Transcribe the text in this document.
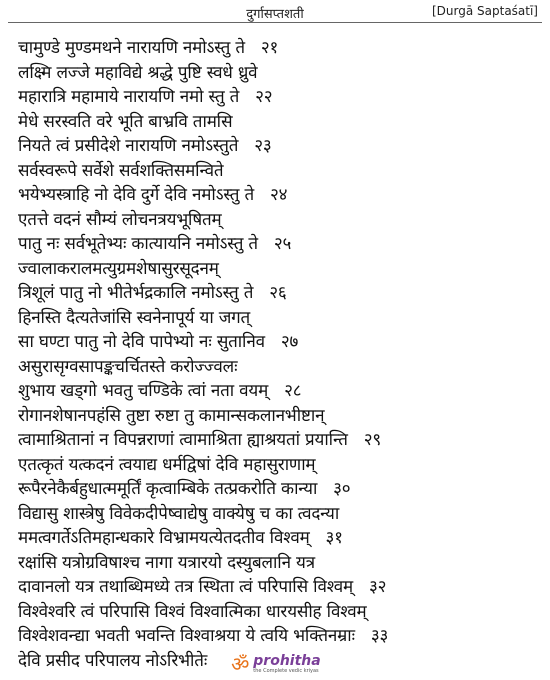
दुर्गासप्तशती	[Durgā Saptaśatī]
चामुण्डे मुण्डमथने नारायणि नमोऽस्तु ते २१
लक्ष्मि लज्जे महाविद्ये श्रद्धे पुष्टि स्वधे ध्रुवे
महारात्रि महामाये नारायणि नमो स्तु ते २२
मेधे सरस्वति वरे भूति बाभ्रवि तामसि
नियते त्वं प्रसीदेशे नारायणि नमोऽस्तुते २३
सर्वस्वरूपे सर्वेशे सर्वशक्तिसमन्विते
भयेभ्यस्त्राहि नो देवि दुर्गे देवि नमोऽस्तु ते २४
एतत्ते वदनं सौम्यं लोचनत्रयभूषितम्
पातु नः सर्वभूतेभ्यः कात्यायनि नमोऽस्तु ते २५
ज्वालाकरालमत्युग्रमशेषासुरसूदनम्
त्रिशूलं पातु नो भीतेर्भद्रकालि नमोऽस्तु ते २६
हिनस्ति दैत्यतेजांसि स्वनेनापूर्य या जगत्
सा घण्टा पातु नो देवि पापेभ्यो नः सुतानिव २७
असुरासृग्वसापङ्कचर्चितस्ते करोज्ज्वलः
शुभाय खड्गो भवतु चण्डिके त्वां नता वयम् २८
रोगानशेषानपहंसि तुष्टा रुष्टा तु कामान्सकलानभीष्टान्
त्वामाश्रितानां न विपन्नराणां त्वामाश्रिता ह्याश्रयतां प्रयान्ति २९
एतत्कृतं यत्कदनं त्वयाद्य धर्मद्विषां देवि महासुराणाम्
रूपैरनेकैर्बहुधात्ममूर्तिं कृत्वाम्बिके तत्प्रकरोति कान्या ३०
विद्यासु शास्त्रेषु विवेकदीपेष्वाद्येषु वाक्येषु च का त्वदन्या
ममत्वगर्तेऽतिमहान्धकारे विभ्रामयत्येतदतीव विश्वम् ३१
रक्षांसि यत्रोग्रविषाश्च नागा यत्रारयो दस्युबलानि यत्र
दावानलो यत्र तथाब्धिमध्ये तत्र स्थिता त्वं परिपासि विश्वम् ३२
विश्वेश्वरि त्वं परिपासि विश्वं विश्वात्मिका धारयसीह विश्वम्
विश्वेशवन्द्या भवती भवन्ति विश्वाश्रया ये त्वयि भक्तिनम्राः ३३
देवि प्रसीद परिपालय नोऽरिभीतेः	ॐ prohitha
the Complete vedic kriyas
